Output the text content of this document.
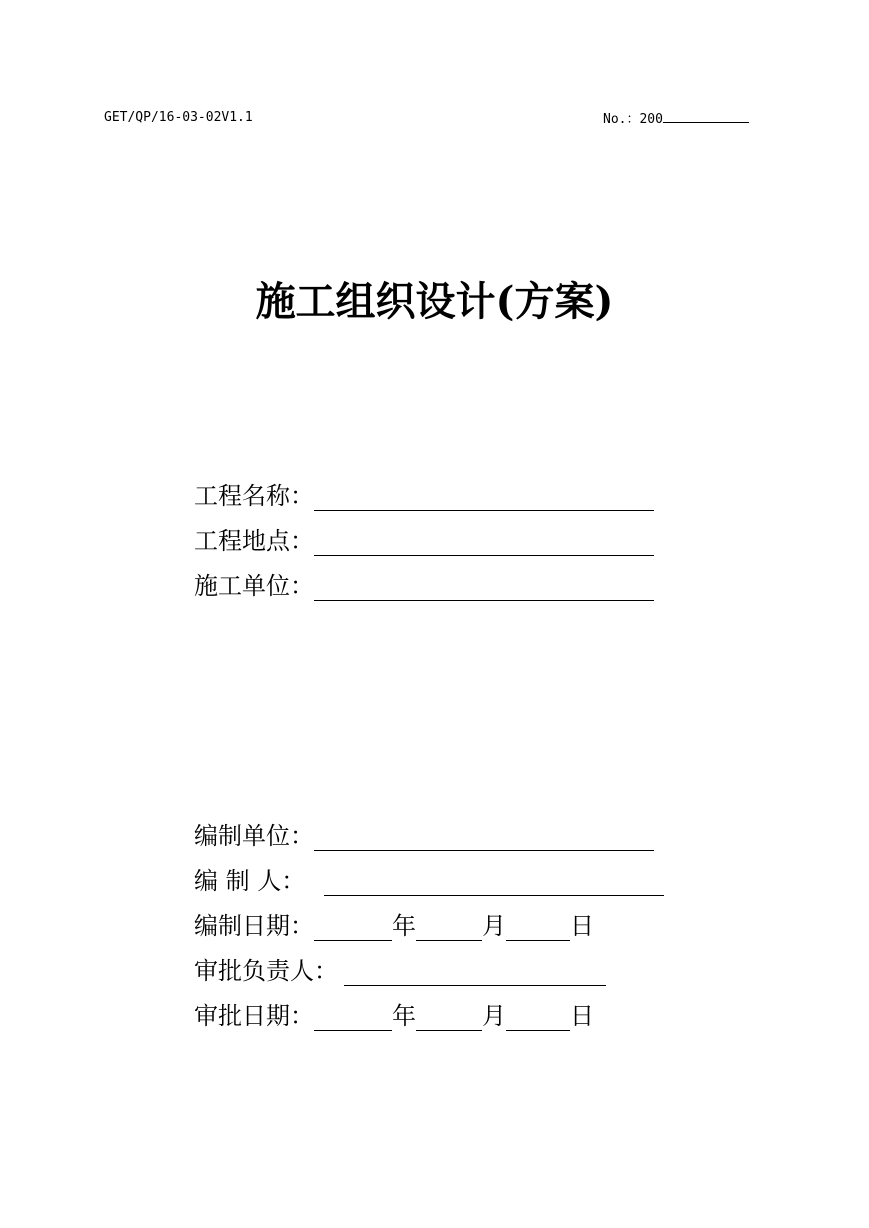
GET/QP/16-03-02V1.1	No.：200
施工组织设计(方案)
工程名称：
工程地点：
施工单位：
编制单位：
编 制 人：
编制日期：	年	月	日
审批负责人：
审批日期：	年	月	日
